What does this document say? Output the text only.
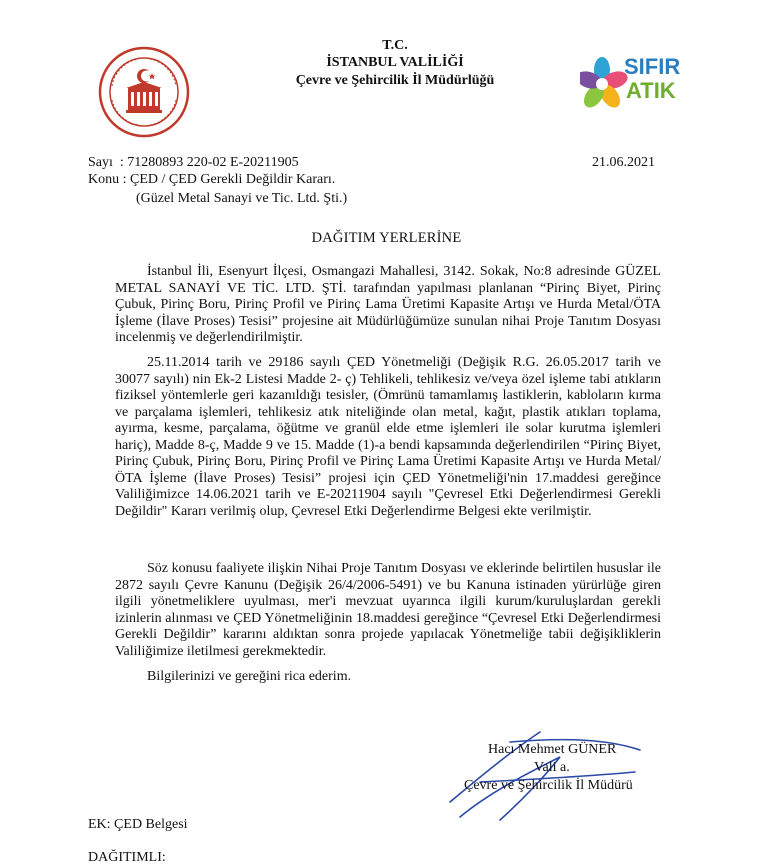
T.C.
İSTANBUL VALİLİĞİ
Çevre ve Şehircilik İl Müdürlüğü
SIFIR
ATIK
Sayı  : 71280893 220-02 E-20211905	21.06.2021
Konu : ÇED / ÇED Gerekli Değildir Kararı.
(Güzel Metal Sanayi ve Tic. Ltd. Şti.)
DAĞITIM YERLERİNE

İstanbul İli, Esenyurt İlçesi, Osmangazi Mahallesi, 3142. Sokak, No:8 adresinde GÜZEL METAL SANAYİ VE TİC. LTD. ŞTİ. tarafından yapılması planlanan “Pirinç Biyet, Pirinç Çubuk, Pirinç Boru, Pirinç Profil ve Pirinç Lama Üretimi Kapasite Artışı ve Hurda Metal/ÖTA İşleme (İlave Proses) Tesisi” projesine ait Müdürlüğümüze sunulan nihai Proje Tanıtım Dosyası incelenmiş ve değerlendirilmiştir.

25.11.2014 tarih ve 29186 sayılı ÇED Yönetmeliği (Değişik R.G. 26.05.2017 tarih ve 30077 sayılı) nin Ek-2 Listesi Madde 2- ç) Tehlikeli, tehlikesiz ve/veya özel işleme tabi atıkların fiziksel yöntemlerle geri kazanıldığı tesisler, (Ömrünü tamamlamış lastiklerin, kabloların kırma ve parçalama işlemleri, tehlikesiz atık niteliğinde olan metal, kağıt, plastik atıkları toplama, ayırma, kesme, parçalama, öğütme ve granül elde etme işlemleri ile solar kurutma işlemleri hariç), Madde 8-ç, Madde 9 ve 15. Madde (1)-a bendi kapsamında değerlendirilen “Pirinç Biyet, Pirinç Çubuk, Pirinç Boru, Pirinç Profil ve Pirinç Lama Üretimi Kapasite Artışı ve Hurda Metal/ÖTA İşleme (İlave Proses) Tesisi” projesi için ÇED Yönetmeliği'nin 17.maddesi gereğince Valiliğimizce 14.06.2021 tarih ve E-20211904 sayılı "Çevresel Etki Değerlendirmesi Gerekli Değildir" Kararı verilmiş olup, Çevresel Etki Değerlendirme Belgesi ekte verilmiştir.

Söz konusu faaliyete ilişkin Nihai Proje Tanıtım Dosyası ve eklerinde belirtilen hususlar ile 2872 sayılı Çevre Kanunu (Değişik 26/4/2006-5491) ve bu Kanuna istinaden yürürlüğe giren ilgili yönetmeliklere uyulması, mer'i mevzuat uyarınca ilgili kurum/kuruluşlardan gerekli izinlerin alınması ve ÇED Yönetmeliğinin 18.maddesi gereğince “Çevresel Etki Değerlendirmesi Gerekli Değildir” kararını aldıktan sonra projede yapılacak Yönetmeliğe tabii değişikliklerin Valiliğimize iletilmesi gerekmektedir.

Bilgilerinizi ve gereğini rica ederim.

Hacı Mehmet GÜNER
Vali a.
Çevre ve Şehircilik İl Müdürü
EK: ÇED Belgesi
DAĞITIMLI:
